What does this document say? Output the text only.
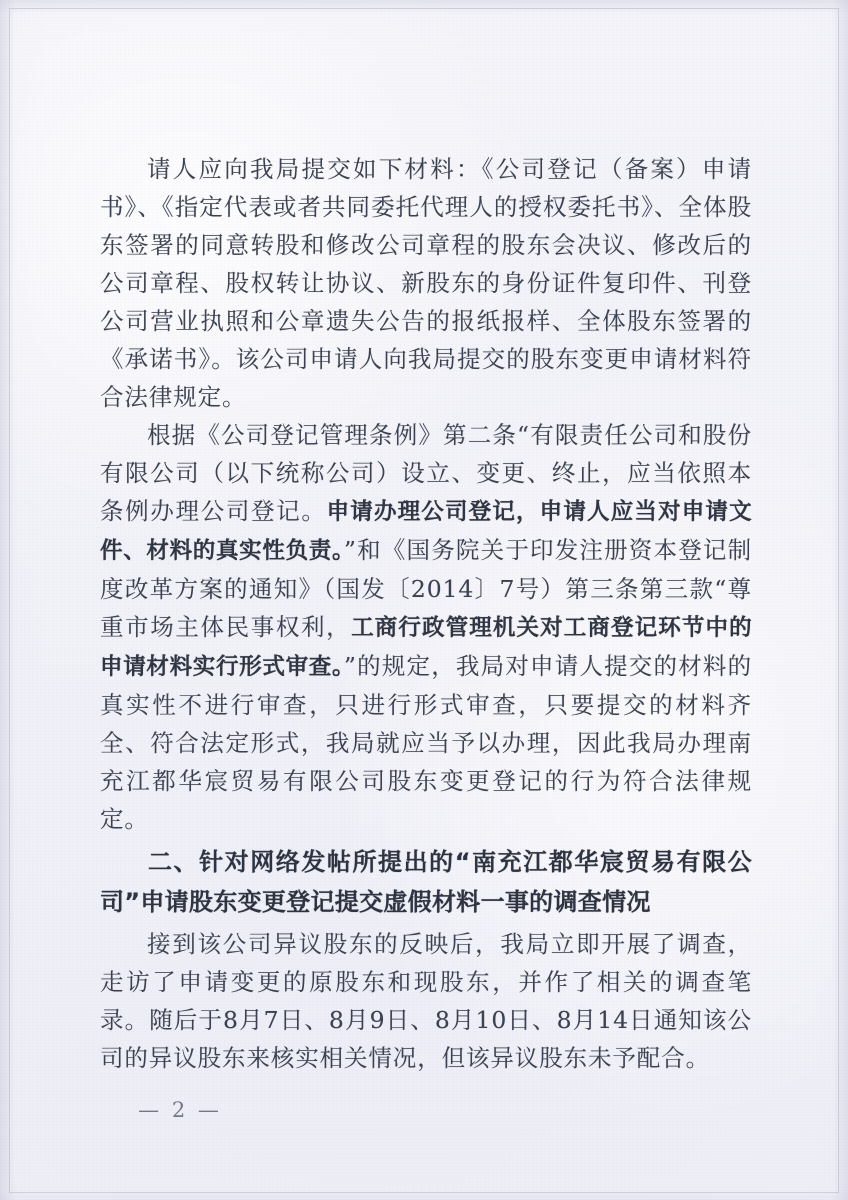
请人应向我局提交如下材料：《公司登记（备案）申请书》、《指定代表或者共同委托代理人的授权委托书》、全体股东签署的同意转股和修改公司章程的股东会决议、修改后的公司章程、股权转让协议、新股东的身份证件复印件、刊登公司营业执照和公章遗失公告的报纸报样、全体股东签署的《承诺书》。该公司申请人向我局提交的股东变更申请材料符合法律规定。

根据《公司登记管理条例》第二条“有限责任公司和股份有限公司（以下统称公司）设立、变更、终止，应当依照本条例办理公司登记。申请办理公司登记，申请人应当对申请文件、材料的真实性负责。”和《国务院关于印发注册资本登记制度改革方案的通知》（国发〔2014〕7号）第三条第三款“尊重市场主体民事权利，工商行政管理机关对工商登记环节中的申请材料实行形式审查。”的规定，我局对申请人提交的材料的真实性不进行审查，只进行形式审查，只要提交的材料齐全、符合法定形式，我局就应当予以办理，因此我局办理南充江都华宸贸易有限公司股东变更登记的行为符合法律规定。

二、针对网络发帖所提出的“南充江都华宸贸易有限公司”申请股东变更登记提交虚假材料一事的调查情况

接到该公司异议股东的反映后，我局立即开展了调查，走访了申请变更的原股东和现股东，并作了相关的调查笔录。随后于8月7日、8月9日、8月10日、8月14日通知该公司的异议股东来核实相关情况，但该异议股东未予配合。

— 2 —
